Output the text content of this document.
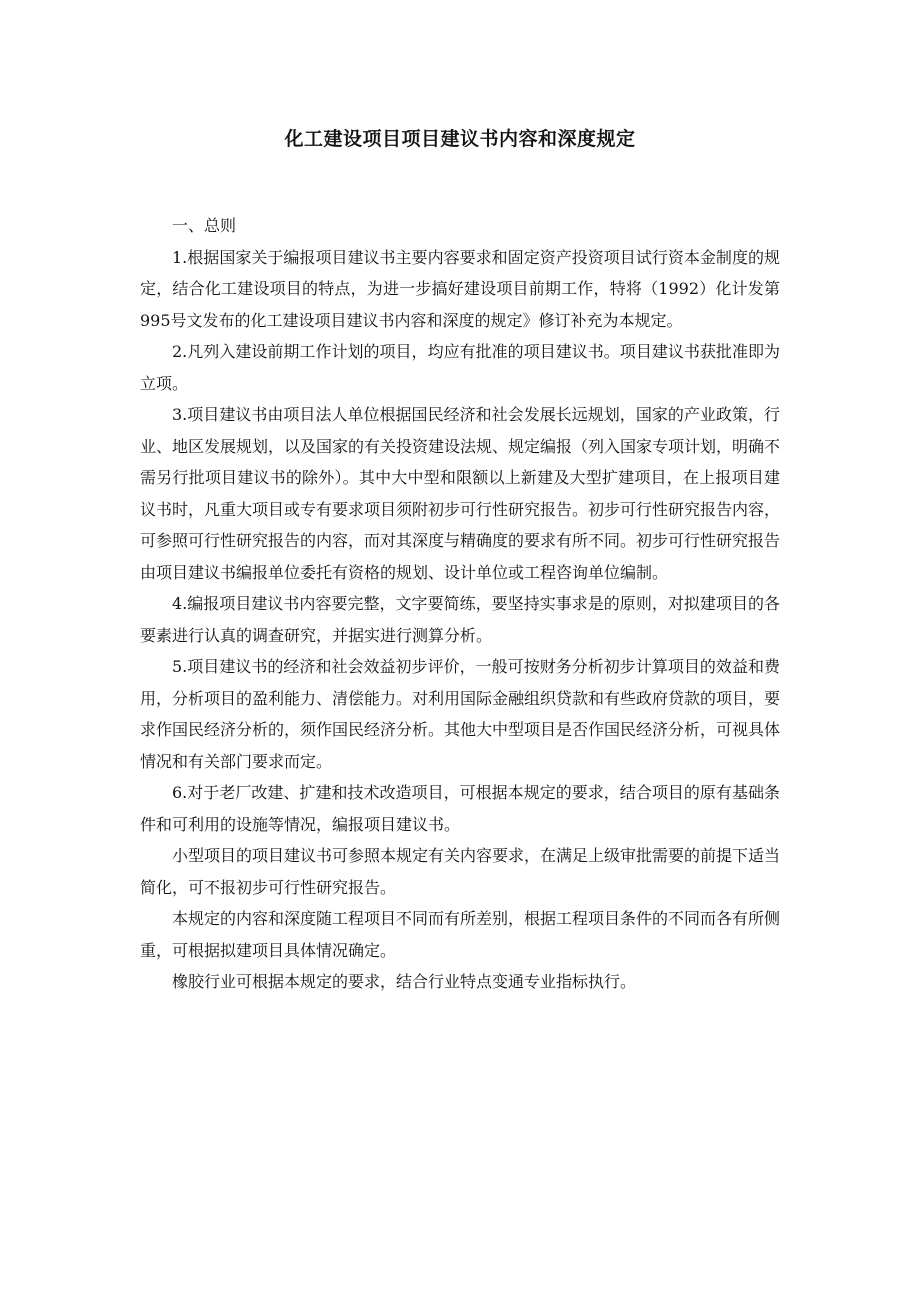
化工建设项目项目建议书内容和深度规定

一、总则

1.根据国家关于编报项目建议书主要内容要求和固定资产投资项目试行资本金制度的规定，结合化工建设项目的特点，为进一步搞好建设项目前期工作，特将（1992）化计发第995号文发布的化工建设项目建议书内容和深度的规定》修订补充为本规定。

2.凡列入建设前期工作计划的项目，均应有批准的项目建议书。项目建议书获批准即为立项。

3.项目建议书由项目法人单位根据国民经济和社会发展长远规划，国家的产业政策，行业、地区发展规划，以及国家的有关投资建设法规、规定编报（列入国家专项计划，明确不需另行批项目建议书的除外）。其中大中型和限额以上新建及大型扩建项目，在上报项目建议书时，凡重大项目或专有要求项目须附初步可行性研究报告。初步可行性研究报告内容，可参照可行性研究报告的内容，而对其深度与精确度的要求有所不同。初步可行性研究报告由项目建议书编报单位委托有资格的规划、设计单位或工程咨询单位编制。

4.编报项目建议书内容要完整，文字要简练，要坚持实事求是的原则，对拟建项目的各要素进行认真的调查研究，并据实进行测算分析。

5.项目建议书的经济和社会效益初步评价，一般可按财务分析初步计算项目的效益和费用，分析项目的盈利能力、清偿能力。对利用国际金融组织贷款和有些政府贷款的项目，要求作国民经济分析的，须作国民经济分析。其他大中型项目是否作国民经济分析，可视具体情况和有关部门要求而定。

6.对于老厂改建、扩建和技术改造项目，可根据本规定的要求，结合项目的原有基础条件和可利用的设施等情况，编报项目建议书。

小型项目的项目建议书可参照本规定有关内容要求，在满足上级审批需要的前提下适当简化，可不报初步可行性研究报告。

本规定的内容和深度随工程项目不同而有所差别，根据工程项目条件的不同而各有所侧重，可根据拟建项目具体情况确定。

橡胶行业可根据本规定的要求，结合行业特点变通专业指标执行。
